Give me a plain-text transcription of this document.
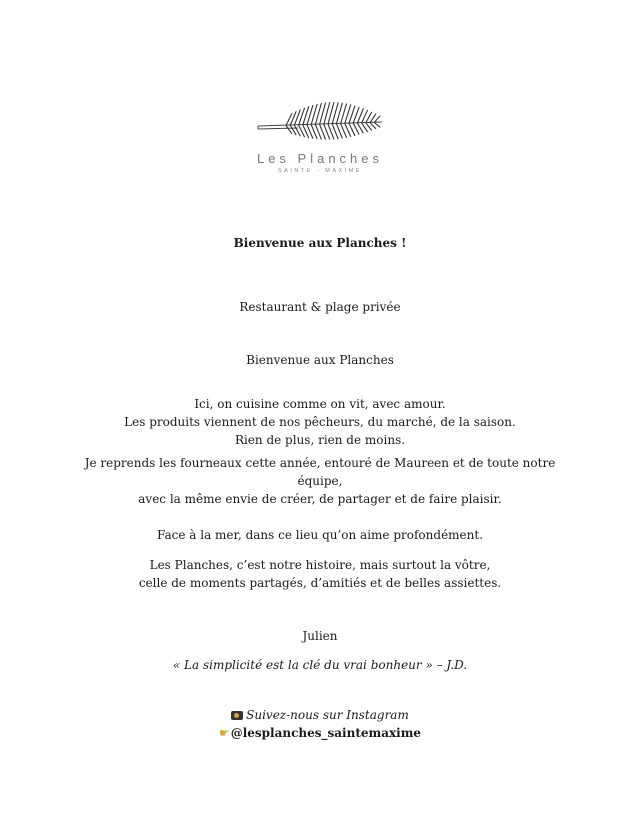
Les Planches
SAINTE - MAXIME

Bienvenue aux Planches !

Restaurant & plage privée

Bienvenue aux Planches

Ici, on cuisine comme on vit, avec amour.
Les produits viennent de nos pêcheurs, du marché, de la saison.
Rien de plus, rien de moins.
Je reprends les fourneaux cette année, entouré de Maureen et de toute notre
équipe,
avec la même envie de créer, de partager et de faire plaisir.

Face à la mer, dans ce lieu qu’on aime profondément.

Les Planches, c’est notre histoire, mais surtout la vôtre,
celle de moments partagés, d’amitiés et de belles assiettes.

Julien

« La simplicité est la clé du vrai bonheur » – J.D.

Suivez-nous sur Instagram
☛@lesplanches_saintemaxime
